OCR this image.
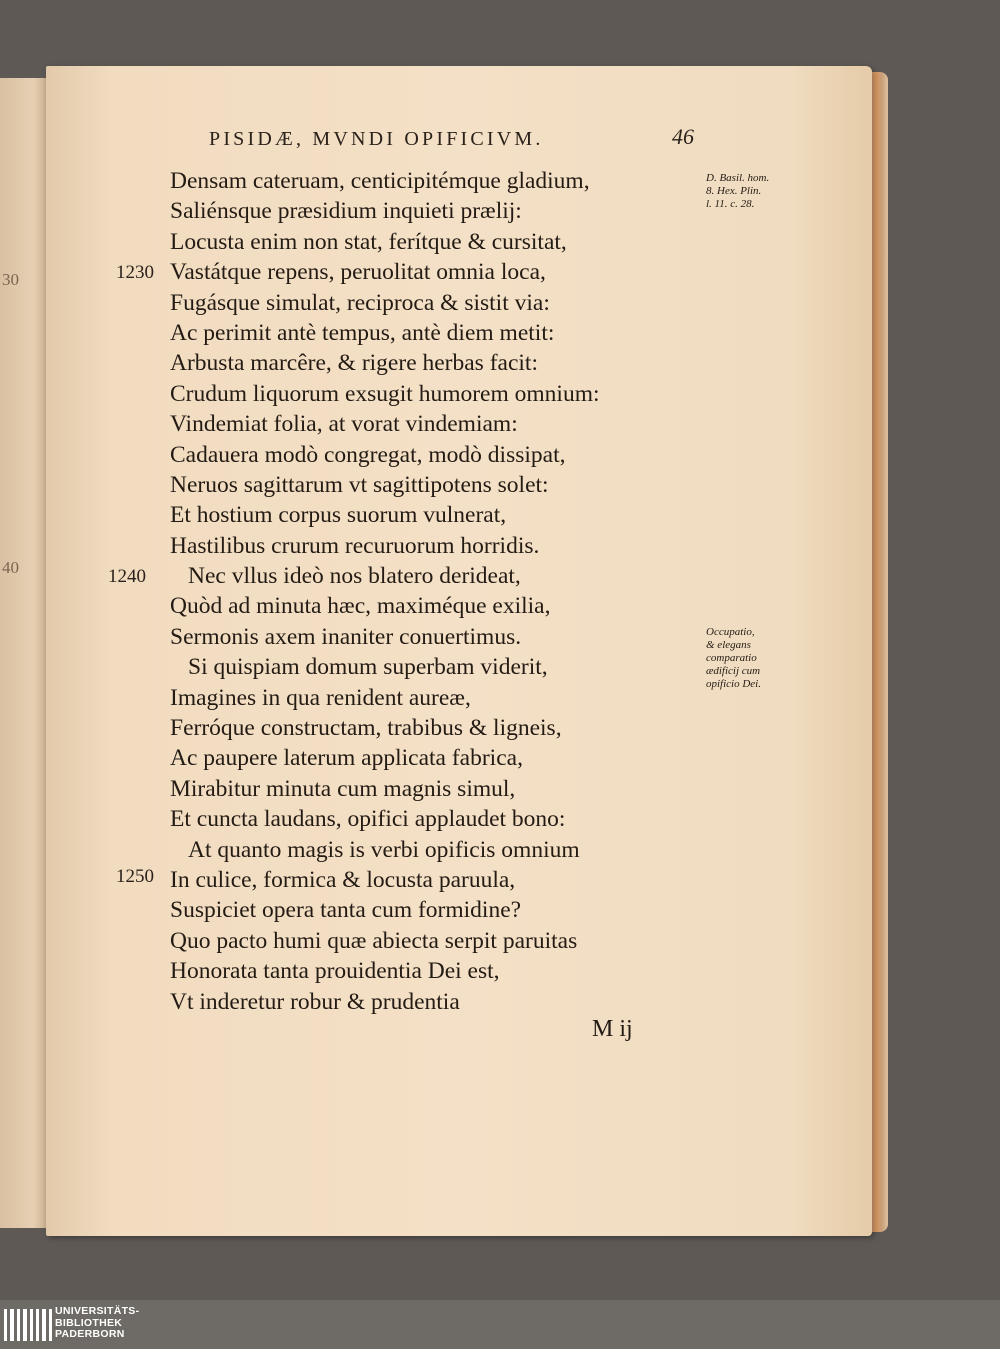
30
40
PISIDÆ, MVNDI OPIFICIVM.	46
Densam cateruam, centicipitémque gladium,
Saliénsque præsidium inquieti prælij:
Locusta enim non stat, ferítque & cursitat,
Vastátque repens, peruolitat omnia loca,
Fugásque simulat, reciproca & sistit via:
Ac perimit antè tempus, antè diem metit:
Arbusta marcêre, & rigere herbas facit:
Crudum liquorum exsugit humorem omnium:
Vindemiat folia, at vorat vindemiam:
Cadauera modò congregat, modò dissipat,
Neruos sagittarum vt sagittipotens solet:
Et hostium corpus suorum vulnerat,
Hastilibus crurum recuruorum horridis.
Nec vllus ideò nos blatero derideat,
Quòd ad minuta hæc, maximéque exilia,
Sermonis axem inaniter conuertimus.
Si quispiam domum superbam viderit,
Imagines in qua renident aureæ,
Ferróque constructam, trabibus & ligneis,
Ac paupere laterum applicata fabrica,
Mirabitur minuta cum magnis simul,
Et cuncta laudans, opifici applaudet bono:
At quanto magis is verbi opificis omnium
In culice, formica & locusta paruula,
Suspiciet opera tanta cum formidine?
Quo pacto humi quæ abiecta serpit paruitas
Honorata tanta prouidentia Dei est,
Vt inderetur robur & prudentia
1230
1240
1250
D. Basil. hom.
8. Hex. Plin.
l. 11. c. 28.
Occupatio,
& elegans
comparatio
ædificij cum
opificio Dei.
M ij
UNIVERSITÄTS-
BIBLIOTHEK
PADERBORN
